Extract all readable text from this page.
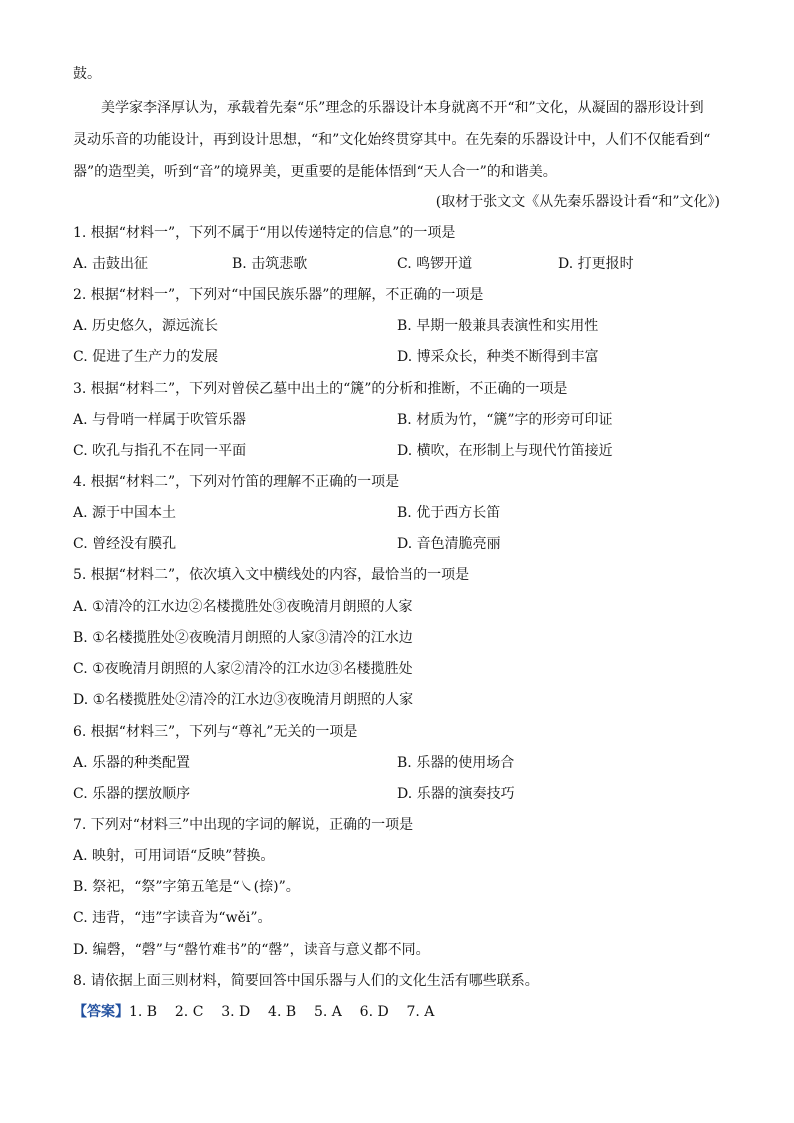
鼓。
美学家李泽厚认为，承载着先秦“乐”理念的乐器设计本身就离不开“和”文化，从凝固的器形设计到
灵动乐音的功能设计，再到设计思想，“和”文化始终贯穿其中。在先秦的乐器设计中，人们不仅能看到“
器”的造型美，听到“音”的境界美，更重要的是能体悟到“天人合一”的和谐美。
(取材于张文文《从先秦乐器设计看“和”文化》)
1. 根据“材料一”，下列不属于“用以传递特定的信息”的一项是
A. 击鼓出征	B. 击筑悲歌	C. 鸣锣开道	D. 打更报时
2. 根据“材料一”，下列对“中国民族乐器”的理解，不正确的一项是
A. 历史悠久，源远流长	B. 早期一般兼具表演性和实用性
C. 促进了生产力的发展	D. 博采众长，种类不断得到丰富
3. 根据“材料二”，下列对曾侯乙墓中出土的“篪”的分析和推断，不正确的一项是
A. 与骨哨一样属于吹管乐器	B. 材质为竹，“篪”字的形旁可印证
C. 吹孔与指孔不在同一平面	D. 横吹，在形制上与现代竹笛接近
4. 根据“材料二”，下列对竹笛的理解不正确的一项是
A. 源于中国本土	B. 优于西方长笛
C. 曾经没有膜孔	D. 音色清脆亮丽
5. 根据“材料二”，依次填入文中横线处的内容，最恰当的一项是
A. ①清冷的江水边②名楼揽胜处③夜晚清月朗照的人家
B. ①名楼揽胜处②夜晚清月朗照的人家③清冷的江水边
C. ①夜晚清月朗照的人家②清冷的江水边③名楼揽胜处
D. ①名楼揽胜处②清冷的江水边③夜晚清月朗照的人家
6. 根据“材料三”，下列与“尊礼”无关的一项是
A. 乐器的种类配置	B. 乐器的使用场合
C. 乐器的摆放顺序	D. 乐器的演奏技巧
7. 下列对“材料三”中出现的字词的解说，正确的一项是
A. 映射，可用词语“反映”替换。
B. 祭祀，“祭”字第五笔是“㇏(捺)”。
C. 违背，“违”字读音为“wěi”。
D. 编磬，“磬”与“罄竹难书”的“罄”，读音与意义都不同。
8. 请依据上面三则材料，简要回答中国乐器与人们的文化生活有哪些联系。
【答案】1. B    2. C    3. D    4. B    5. A    6. D    7. A
